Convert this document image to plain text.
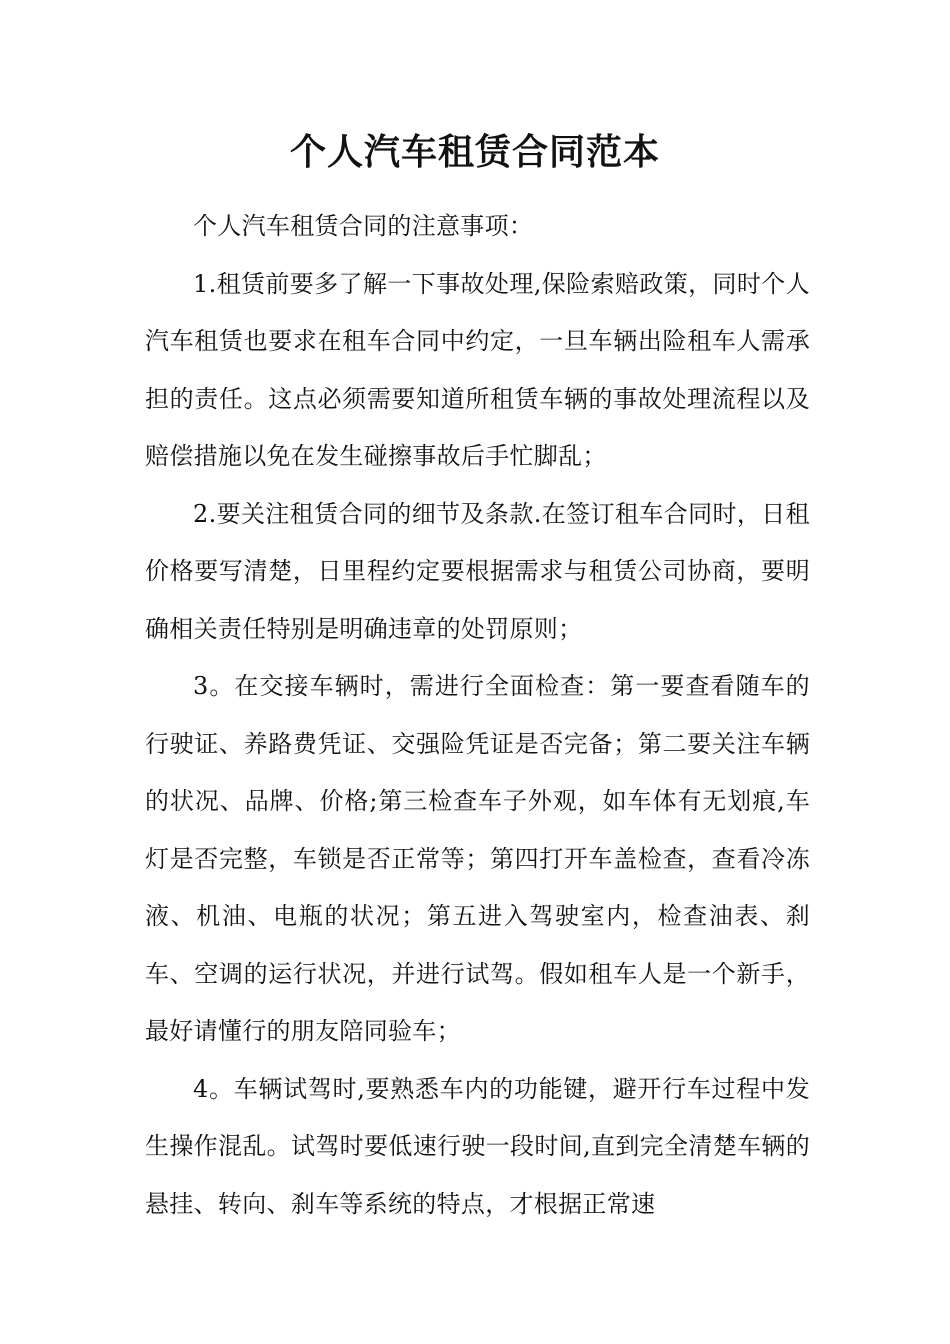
个人汽车租赁合同范本

个人汽车租赁合同的注意事项：

1.租赁前要多了解一下事故处理,保险索赔政策，同时个人汽车租赁也要求在租车合同中约定，一旦车辆出险租车人需承担的责任。这点必须需要知道所租赁车辆的事故处理流程以及赔偿措施以免在发生碰擦事故后手忙脚乱；

2.要关注租赁合同的细节及条款.在签订租车合同时，日租价格要写清楚，日里程约定要根据需求与租赁公司协商，要明确相关责任特别是明确违章的处罚原则；

3。在交接车辆时，需进行全面检查：第一要查看随车的行驶证、养路费凭证、交强险凭证是否完备；第二要关注车辆的状况、品牌、价格;第三检查车子外观，如车体有无划痕,车灯是否完整，车锁是否正常等；第四打开车盖检查，查看冷冻液、机油、电瓶的状况；第五进入驾驶室内，检查油表、刹车、空调的运行状况，并进行试驾。假如租车人是一个新手，最好请懂行的朋友陪同验车；

4。车辆试驾时,要熟悉车内的功能键，避开行车过程中发生操作混乱。试驾时要低速行驶一段时间,直到完全清楚车辆的悬挂、转向、刹车等系统的特点，才根据正常速
